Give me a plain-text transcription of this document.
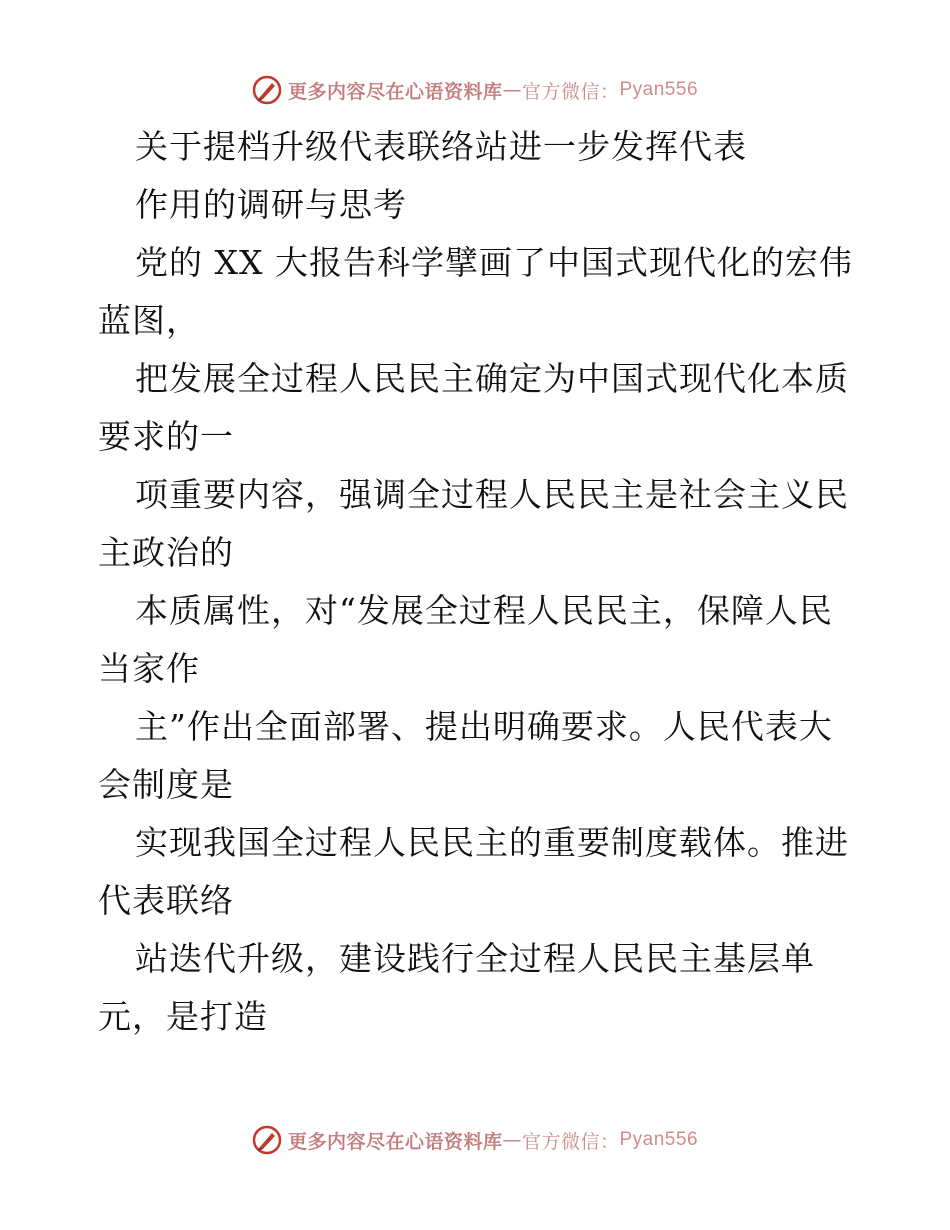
更多内容尽在心语资料库 — 官方微信： Pyan556
关于提档升级代表联络站进一步发挥代表
作用的调研与思考
党的 XX 大报告科学擘画了中国式现代化的宏伟
蓝图，
把发展全过程人民民主确定为中国式现代化本质
要求的一
项重要内容，强调全过程人民民主是社会主义民
主政治的
本质属性，对“发展全过程人民民主，保障人民
当家作
主”作出全面部署、提出明确要求。人民代表大
会制度是
实现我国全过程人民民主的重要制度载体。推进
代表联络
站迭代升级，建设践行全过程人民民主基层单
元，是打造
更多内容尽在心语资料库 — 官方微信： Pyan556
